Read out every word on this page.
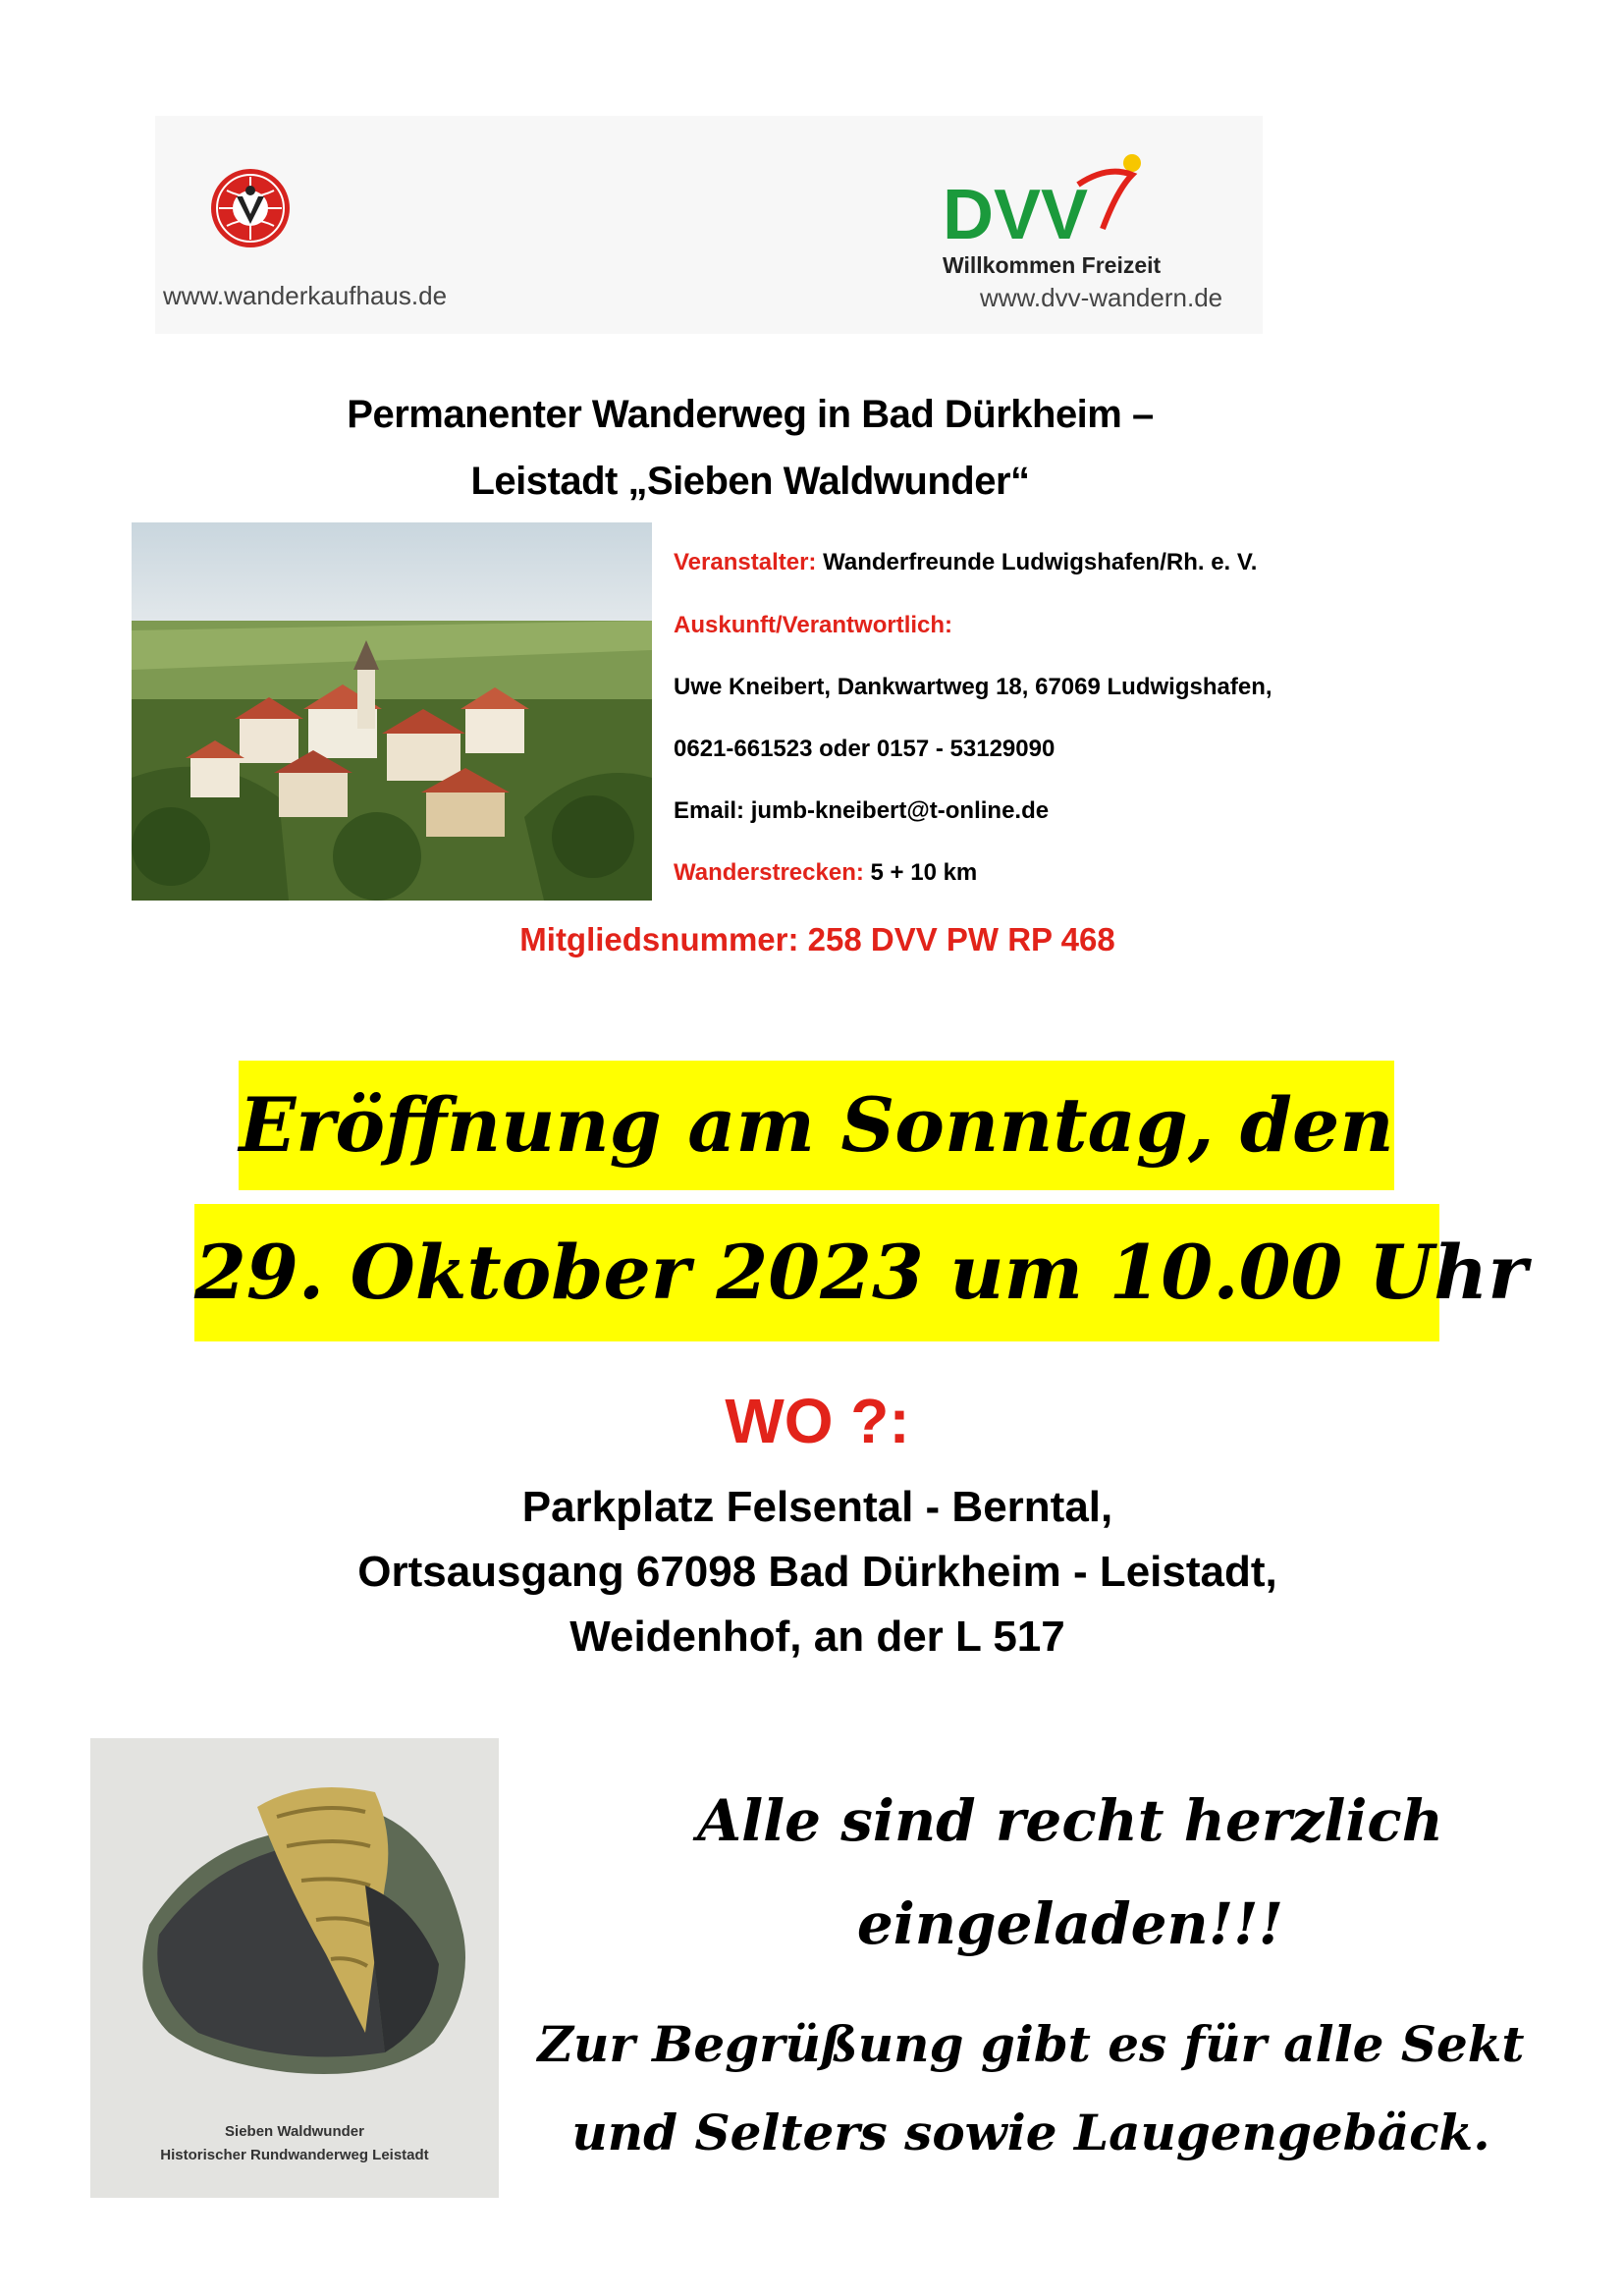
www.wanderkaufhaus.de
DVV
Willkommen Freizeit
www.dvv-wandern.de
Permanenter Wanderweg in Bad Dürkheim –
Leistadt „Sieben Waldwunder“
Veranstalter: Wanderfreunde Ludwigshafen/Rh. e. V.
Auskunft/Verantwortlich:
Uwe Kneibert, Dankwartweg 18, 67069 Ludwigshafen,
0621-661523 oder 0157 - 53129090
Email: jumb-kneibert@t-online.de
Wanderstrecken: 5 + 10 km
Mitgliedsnummer: 258 DVV PW RP 468
Eröffnung am Sonntag, den
29. Oktober 2023 um 10.00 Uhr
WO ?:
Parkplatz Felsental - Berntal,
Ortsausgang 67098 Bad Dürkheim - Leistadt,
Weidenhof, an der L 517
Sieben Waldwunder
Historischer Rundwanderweg Leistadt
Alle sind recht herzlich
eingeladen!!!
Zur Begrüßung gibt es für alle Sekt
und Selters sowie Laugengebäck.
